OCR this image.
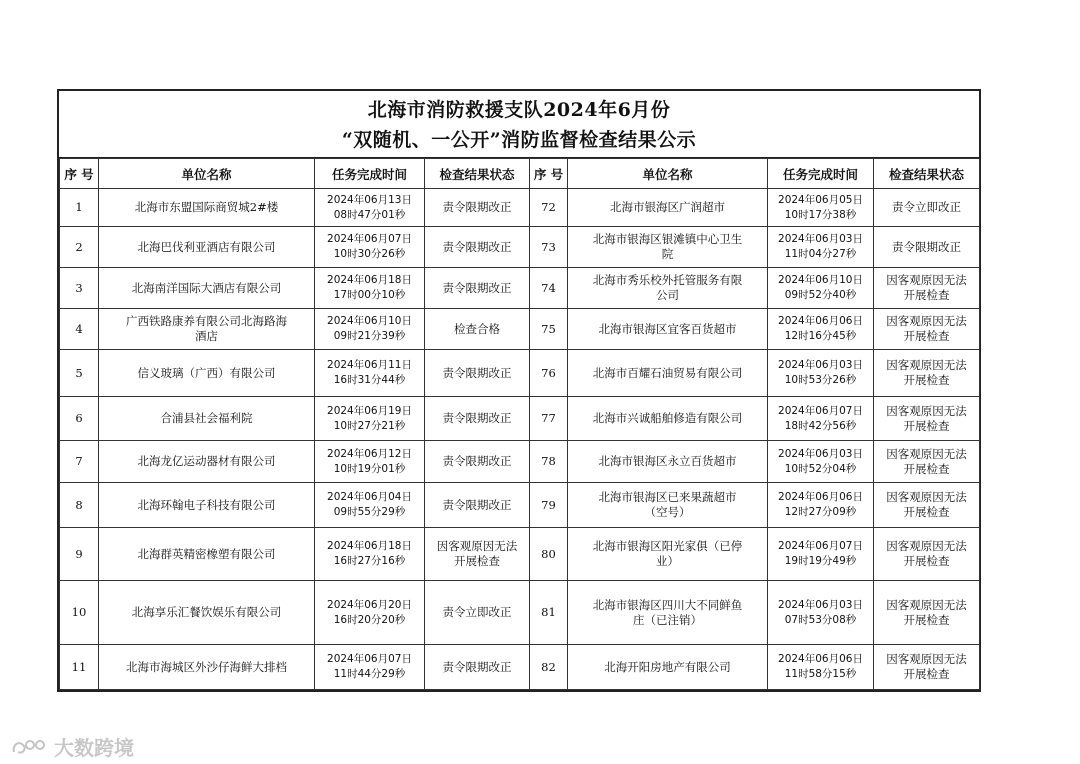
北海市消防救援支队2024年6月份
“双随机、一公开”消防监督检查结果公示
序 号	单位名称	任务完成时间	检查结果状态	序 号	单位名称	任务完成时间	检查结果状态
1	北海市东盟国际商贸城2#楼	2024年06月13日
08时47分01秒	责令限期改正	72	北海市银海区广润超市	2024年06月05日
10时17分38秒	责令立即改正
2	北海巴伐利亚酒店有限公司	2024年06月07日
10时30分26秒	责令限期改正	73	北海市银海区银滩镇中心卫生
院	2024年06月03日
11时04分27秒	责令限期改正
3	北海南洋国际大酒店有限公司	2024年06月18日
17时00分10秒	责令限期改正	74	北海市秀乐校外托管服务有限
公司	2024年06月10日
09时52分40秒	因客观原因无法
开展检查
4	广西铁路康养有限公司北海路海
酒店	2024年06月10日
09时21分39秒	检查合格	75	北海市银海区宜客百货超市	2024年06月06日
12时16分45秒	因客观原因无法
开展检查
5	信义玻璃（广西）有限公司	2024年06月11日
16时31分44秒	责令限期改正	76	北海市百耀石油贸易有限公司	2024年06月03日
10时53分26秒	因客观原因无法
开展检查
6	合浦县社会福利院	2024年06月19日
10时27分21秒	责令限期改正	77	北海市兴诚船舶修造有限公司	2024年06月07日
18时42分56秒	因客观原因无法
开展检查
7	北海龙亿运动器材有限公司	2024年06月12日
10时19分01秒	责令限期改正	78	北海市银海区永立百货超市	2024年06月03日
10时52分04秒	因客观原因无法
开展检查
8	北海环翰电子科技有限公司	2024年06月04日
09时55分29秒	责令限期改正	79	北海市银海区已来果蔬超市
（空号）	2024年06月06日
12时27分09秒	因客观原因无法
开展检查
9	北海群英精密橡塑有限公司	2024年06月18日
16时27分16秒	因客观原因无法
开展检查	80	北海市银海区阳光家俱（已停
业）	2024年06月07日
19时19分49秒	因客观原因无法
开展检查
10	北海享乐汇餐饮娱乐有限公司	2024年06月20日
16时20分20秒	责令立即改正	81	北海市银海区四川大不同鲜鱼
庄（已注销）	2024年06月03日
07时53分08秒	因客观原因无法
开展检查
11	北海市海城区外沙仔海鲜大排档	2024年06月07日
11时44分29秒	责令限期改正	82	北海开阳房地产有限公司	2024年06月06日
11时58分15秒	因客观原因无法
开展检查
大数跨境
